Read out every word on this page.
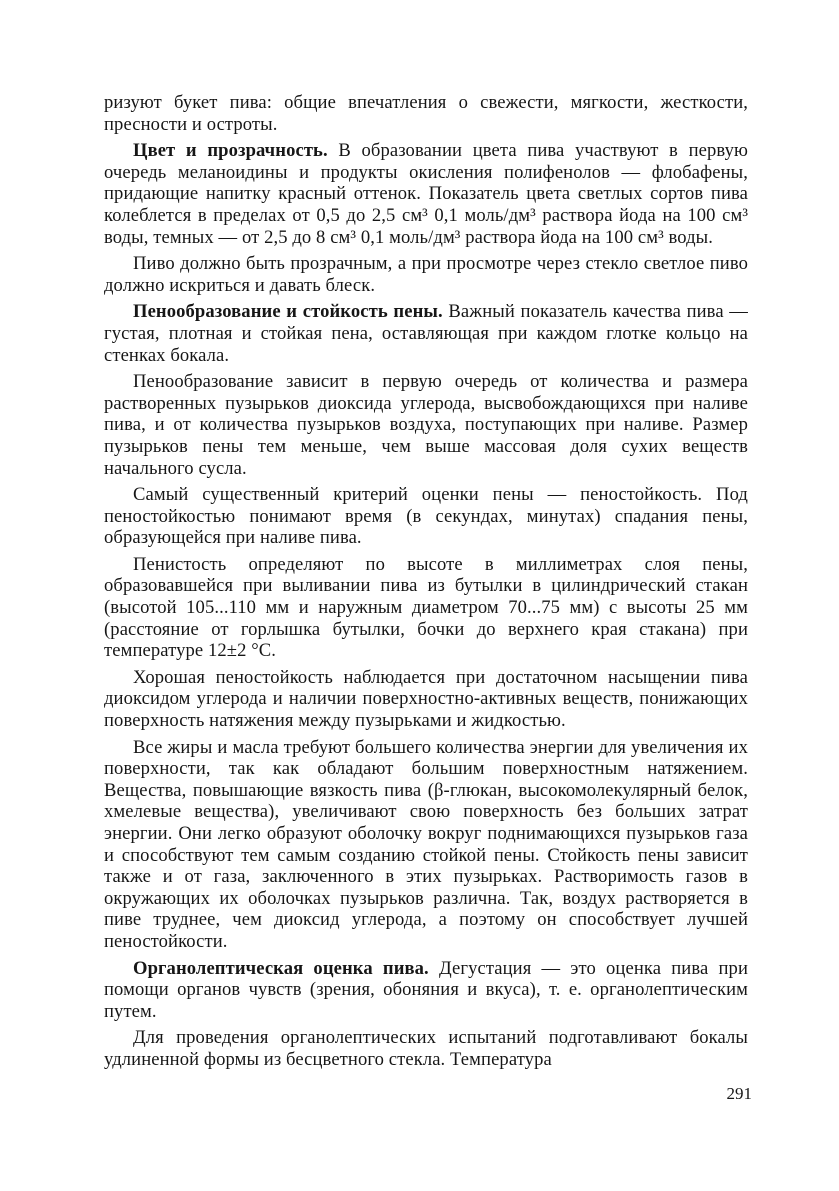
ризуют букет пива: общие впечатления о свежести, мягкости, жесткости, пресности и остроты.

Цвет и прозрачность. В образовании цвета пива участвуют в первую очередь меланоидины и продукты окисления полифенолов — флобафены, придающие напитку красный оттенок. Показатель цвета светлых сортов пива колеблется в пределах от 0,5 до 2,5 см³ 0,1 моль/дм³ раствора йода на 100 см³ воды, темных — от 2,5 до 8 см³ 0,1 моль/дм³ раствора йода на 100 см³ воды.

Пиво должно быть прозрачным, а при просмотре через стекло светлое пиво должно искриться и давать блеск.

Пенообразование и стойкость пены. Важный показатель качества пива — густая, плотная и стойкая пена, оставляющая при каждом глотке кольцо на стенках бокала.

Пенообразование зависит в первую очередь от количества и размера растворенных пузырьков диоксида углерода, высвобождающихся при наливе пива, и от количества пузырьков воздуха, поступающих при наливе. Размер пузырьков пены тем меньше, чем выше массовая доля сухих веществ начального сусла.

Самый существенный критерий оценки пены — пеностойкость. Под пеностойкостью понимают время (в секундах, минутах) спадания пены, образующейся при наливе пива.

Пенистость определяют по высоте в миллиметрах слоя пены, образовавшейся при выливании пива из бутылки в цилиндрический стакан (высотой 105...110 мм и наружным диаметром 70...75 мм) с высоты 25 мм (расстояние от горлышка бутылки, бочки до верхнего края стакана) при температуре 12±2 °С.

Хорошая пеностойкость наблюдается при достаточном насыщении пива диоксидом углерода и наличии поверхностно-активных веществ, понижающих поверхность натяжения между пузырьками и жидкостью.

Все жиры и масла требуют большего количества энергии для увеличения их поверхности, так как обладают большим поверхностным натяжением. Вещества, повышающие вязкость пива (β-глюкан, высокомолекулярный белок, хмелевые вещества), увеличивают свою поверхность без больших затрат энергии. Они легко образуют оболочку вокруг поднимающихся пузырьков газа и способствуют тем самым созданию стойкой пены. Стойкость пены зависит также и от газа, заключенного в этих пузырьках. Растворимость газов в окружающих их оболочках пузырьков различна. Так, воздух растворяется в пиве труднее, чем диоксид углерода, а поэтому он способствует лучшей пеностойкости.

Органолептическая оценка пива. Дегустация — это оценка пива при помощи органов чувств (зрения, обоняния и вкуса), т. е. органолептическим путем.

Для проведения органолептических испытаний подготавливают бокалы удлиненной формы из бесцветного стекла. Температура

291
